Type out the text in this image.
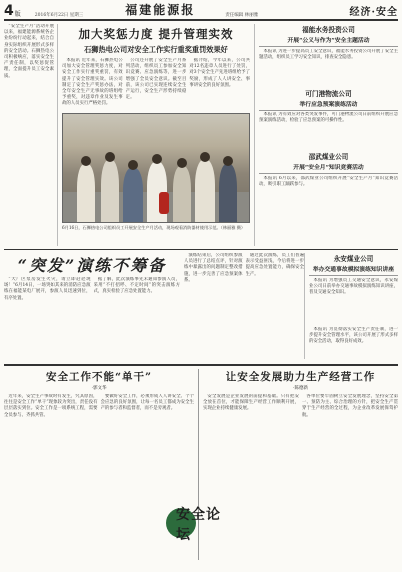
4 版	2016年6月22日 星期三	福建能源报	责任编辑 林丽雅	经济·安全
“安全生产月”活动开展以来，福建能源系统各企业纷纷行动起来，结合自身实际组织开展形式多样的安全活动。石狮热电公司积极响应，落实安全生产责任制，以奖惩促管理，全面提升员工安全素质。
加大奖惩力度 提升管理实效
石狮热电公司对安全工作实行重奖重罚效果好
本报讯 近年来，石狮热电公司加大安全管理奖惩力度，对安全工作实行重奖重罚，有效提升了安全管理实效。该公司制定了安全生产奖惩办法，对全年安全生产无事故的班组给予重奖，对违章作业及发生事故的人员实行严格处罚。
公司还开展了安全生产月系列活动，组织员工参加安全知识竞赛、应急演练等，进一步增强了全员安全意识。截至目前，该公司已实现连续安全生产运行，安全生产形势持续稳定。
据介绍，今年以来，公司共对12名违章人员进行了处罚，对3个安全生产先进班组给予了奖励，形成了人人讲安全、事事讲安全的良好氛围。
6月16日，石狮热电公司组织员工开展安全生产月活动，现场观看消防器材使用示范。（林丽雅 摄）
福能水务投资公司
开展“公义与作为”安全主题活动
本报讯 为进一步提高员工安全意识，福能水务投资公司开展了安全主题活动，组织员工学习安全知识，排查安全隐患。
可门港物流公司
举行应急预案演练活动
本报讯 为有效应对各类突发事件，可门港物流公司日前组织开展应急预案演练活动，检验了应急预案的可操作性。
邵武煤业公司
开展“安全月”知识竞赛活动
本报讯 6月以来，邵武煤业公司组织开展“安全生产月”知识竞赛活动，吸引职工踊跃参与。
“突发”演练不筹备
“大厂区泵房发生火灾，请立即赶赴现场！”6月14日，一场突如其来的消防应急演练在福能某电厂展开，参演人员迅速到位，有序处置。
据了解，此次演练事先未通知参演人员，采用“不打招呼、不定时间”的突击演练方式，真实检验了应急处置能力。
演练结束后，公司组织参演人员进行了总结点评，针对演练中暴露出的问题制定整改措施，进一步完善了应急预案体系。
通过此次演练，员工们普遍表示受益匪浅，今后将进一步提高应急处置能力，确保安全生产。
永安煤业公司
举办交通事故模拟演练知识讲座
本报讯 为增强员工交通安全意识，永安煤业公司日前举办交通事故模拟演练知识讲座，普及交通安全知识。
本报讯 为贯彻落实安全生产责任制，进一步提升安全管理水平，该公司开展了形式多样的安全活动，取得良好成效。
安全工作不能“单干”
·郭文华
近年来，安全生产事故时有发生，究其原因，往往是安全工作“单干”现象较为突出，责任没有层层落实到位。安全工作是一项系统工程，需要全员参与、齐抓共管。
要做好安全工作，必须形成人人讲安全、个个会应急的良好氛围，让每一名员工都成为安全生产的参与者和监督者，而不是旁观者。
让安全发展助力生产经营工作
·陈德新
安全发展是企业发展的前提和基础。只有把安全放在首位，才能保障生产经营工作顺利开展，实现企业持续健康发展。
各单位要牢固树立安全发展理念，坚持安全第一、预防为主、综合治理的方针，把安全生产贯穿于生产经营的全过程，为企业改革发展保驾护航。
安全论坛
